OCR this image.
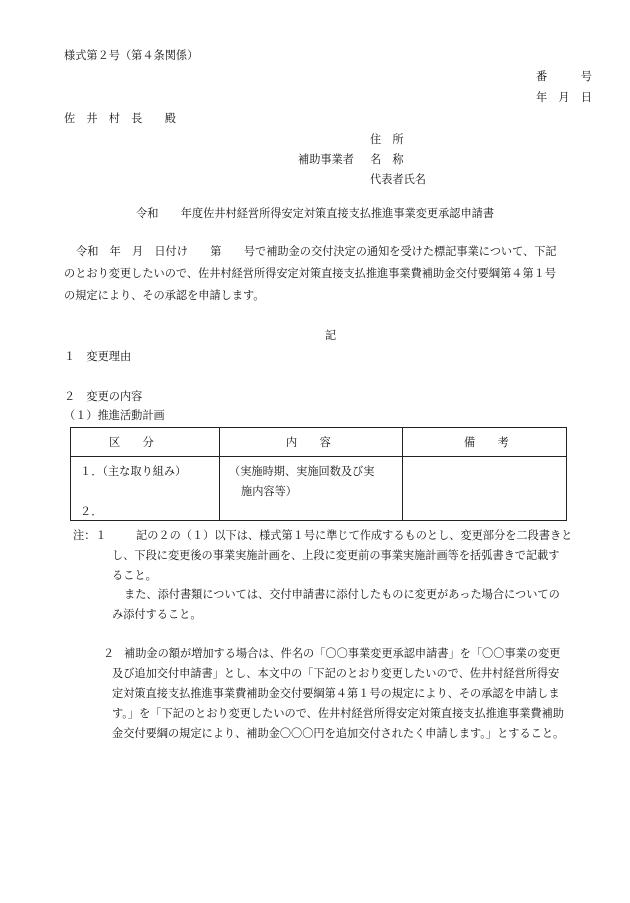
様式第２号（第４条関係）
番　　　号
年　月　日
佐　井　村　長　　殿
住　所
補助事業者 名　称
代表者氏名
令和　　年度佐井村経営所得安定対策直接支払推進事業変更承認申請書
令和　年　月　日付け　　第　　号で補助金の交付決定の通知を受けた標記事業について、下記
のとおり変更したいので、佐井村経営所得安定対策直接支払推進事業費補助金交付要綱第４第１号
の規定により、その承認を申請します。
記
１　変更理由
２　変更の内容
（１）推進活動計画
区　　分	内　　容	備　　考
１．（主な取り組み）	（実施時期、実施回数及び実
施内容等）
２．
注：１	記の２の（１）以下は、様式第１号に準じて作成するものとし、変更部分を二段書きと
し、下段に変更後の事業実施計画を、上段に変更前の事業実施計画等を括弧書きで記載す
ること。
また、添付書類については、交付申請書に添付したものに変更があった場合についての
み添付すること。
２ 補助金の額が増加する場合は、件名の「〇〇事業変更承認申請書」を「〇〇事業の変更
及び追加交付申請書」とし、本文中の「下記のとおり変更したいので、佐井村経営所得安
定対策直接支払推進事業費補助金交付要綱第４第１号の規定により、その承認を申請しま
す。」を「下記のとおり変更したいので、佐井村経営所得安定対策直接支払推進事業費補助
金交付要綱の規定により、補助金〇〇〇円を追加交付されたく申請します。」とすること。
